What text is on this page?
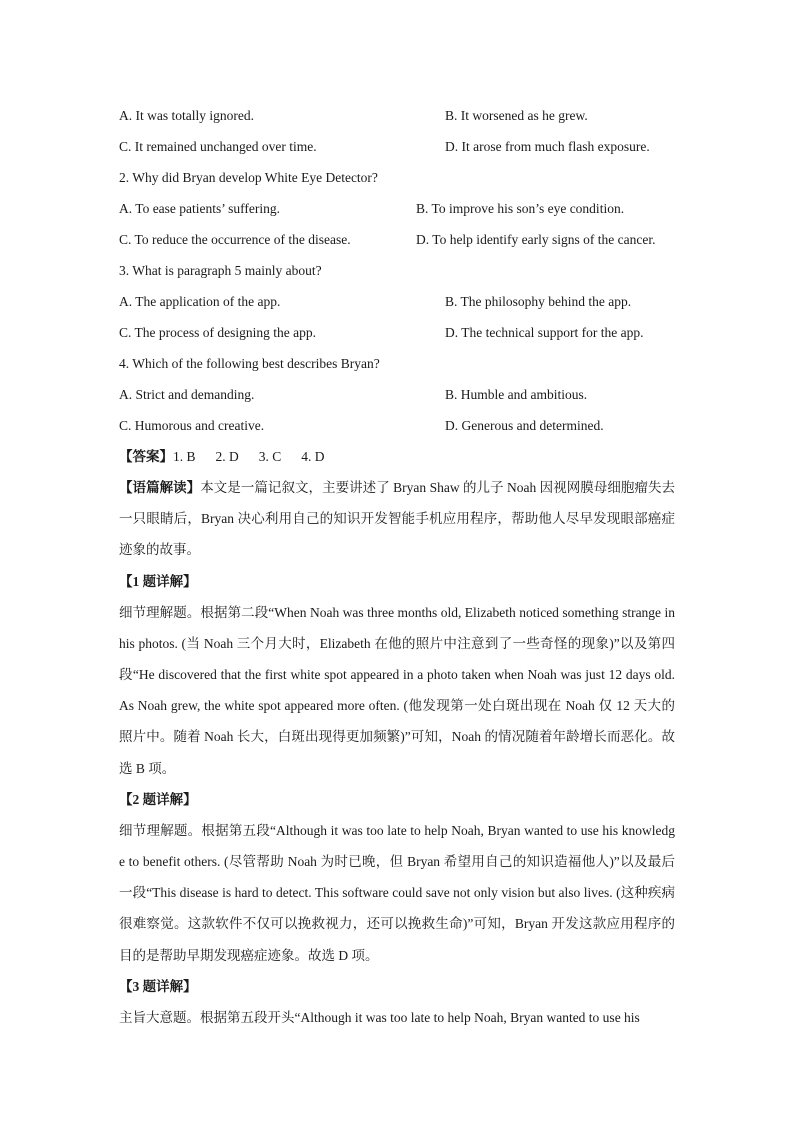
A. It was totally ignored.	B. It worsened as he grew.
C. It remained unchanged over time.	D. It arose from much flash exposure.
2. Why did Bryan develop White Eye Detector?
A. To ease patients’ suffering.	B. To improve his son’s eye condition.
C. To reduce the occurrence of the disease.	D. To help identify early signs of the cancer.
3. What is paragraph 5 mainly about?
A. The application of the app.	B. The philosophy behind the app.
C. The process of designing the app.	D. The technical support for the app.
4. Which of the following best describes Bryan?
A. Strict and demanding.	B. Humble and ambitious.
C. Humorous and creative.	D. Generous and determined.
【答案】1. B 2. D 3. C 4. D

【语篇解读】本文是一篇记叙文，主要讲述了 Bryan Shaw 的儿子 Noah 因视网膜母细胞瘤失去一只眼睛后，Bryan 决心利用自己的知识开发智能手机应用程序，帮助他人尽早发现眼部癌症迹象的故事。

【1 题详解】

细节理解题。根据第二段“When Noah was three months old, Elizabeth noticed something strange in his photos. (当 Noah 三个月大时，Elizabeth 在他的照片中注意到了一些奇怪的现象)”以及第四段“He discovered that the first white spot appeared in a photo taken when Noah was just 12 days old. As Noah grew, the white spot appeared more often. (他发现第一处白斑出现在 Noah 仅 12 天大的照片中。随着 Noah 长大，白斑出现得更加频繁)”可知，Noah 的情况随着年龄增长而恶化。故选 B 项。

【2 题详解】

细节理解题。根据第五段“Although it was too late to help Noah, Bryan wanted to use his knowledge to benefit others. (尽管帮助 Noah 为时已晚，但 Bryan 希望用自己的知识造福他人)”以及最后一段“This disease is hard to detect. This software could save not only vision but also lives. (这种疾病很难察觉。这款软件不仅可以挽救视力，还可以挽救生命)”可知，Bryan 开发这款应用程序的目的是帮助早期发现癌症迹象。故选 D 项。

【3 题详解】

主旨大意题。根据第五段开头“Although it was too late to help Noah, Bryan wanted to use his
